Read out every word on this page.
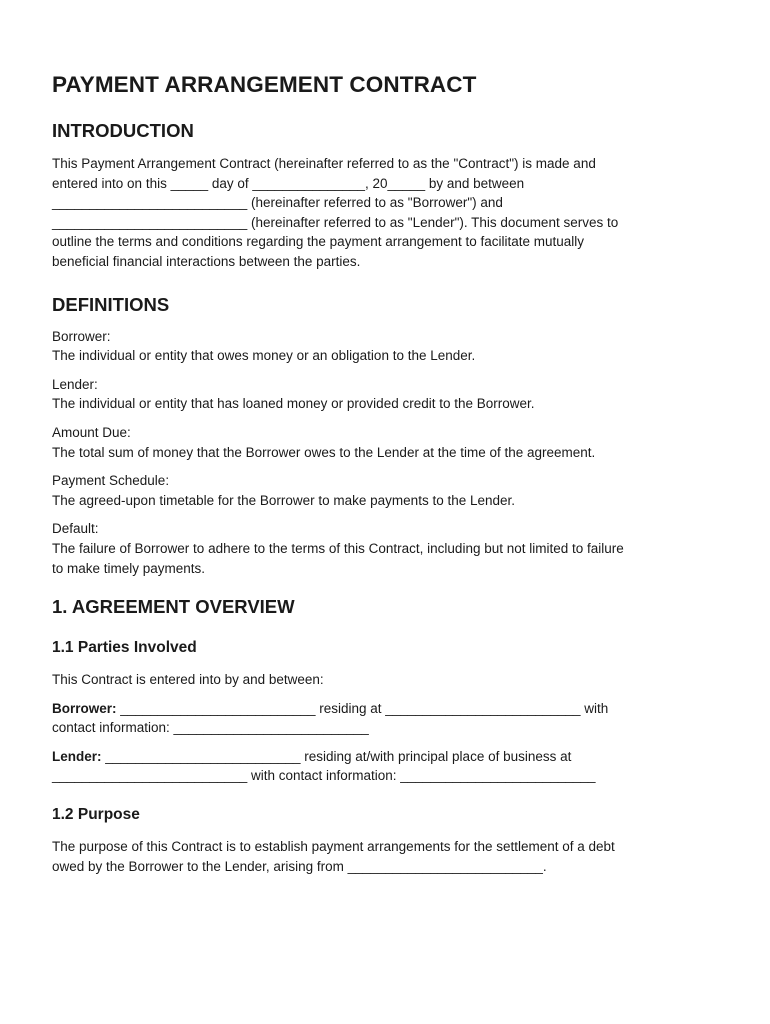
PAYMENT ARRANGEMENT CONTRACT
INTRODUCTION

This Payment Arrangement Contract (hereinafter referred to as the "Contract") is made and

entered into on this _____ day of _______________, 20_____ by and between

__________________________ (hereinafter referred to as "Borrower") and

__________________________ (hereinafter referred to as "Lender"). This document serves to

outline the terms and conditions regarding the payment arrangement to facilitate mutually

beneficial financial interactions between the parties.

DEFINITIONS

Borrower:

The individual or entity that owes money or an obligation to the Lender.

Lender:

The individual or entity that has loaned money or provided credit to the Borrower.

Amount Due:

The total sum of money that the Borrower owes to the Lender at the time of the agreement.

Payment Schedule:

The agreed-upon timetable for the Borrower to make payments to the Lender.

Default:

The failure of Borrower to adhere to the terms of this Contract, including but not limited to failure

to make timely payments.

1. AGREEMENT OVERVIEW
1.1 Parties Involved

This Contract is entered into by and between:

Borrower: __________________________ residing at __________________________ with

contact information: __________________________

Lender: __________________________ residing at/with principal place of business at

__________________________ with contact information: __________________________

1.2 Purpose

The purpose of this Contract is to establish payment arrangements for the settlement of a debt

owed by the Borrower to the Lender, arising from __________________________.
